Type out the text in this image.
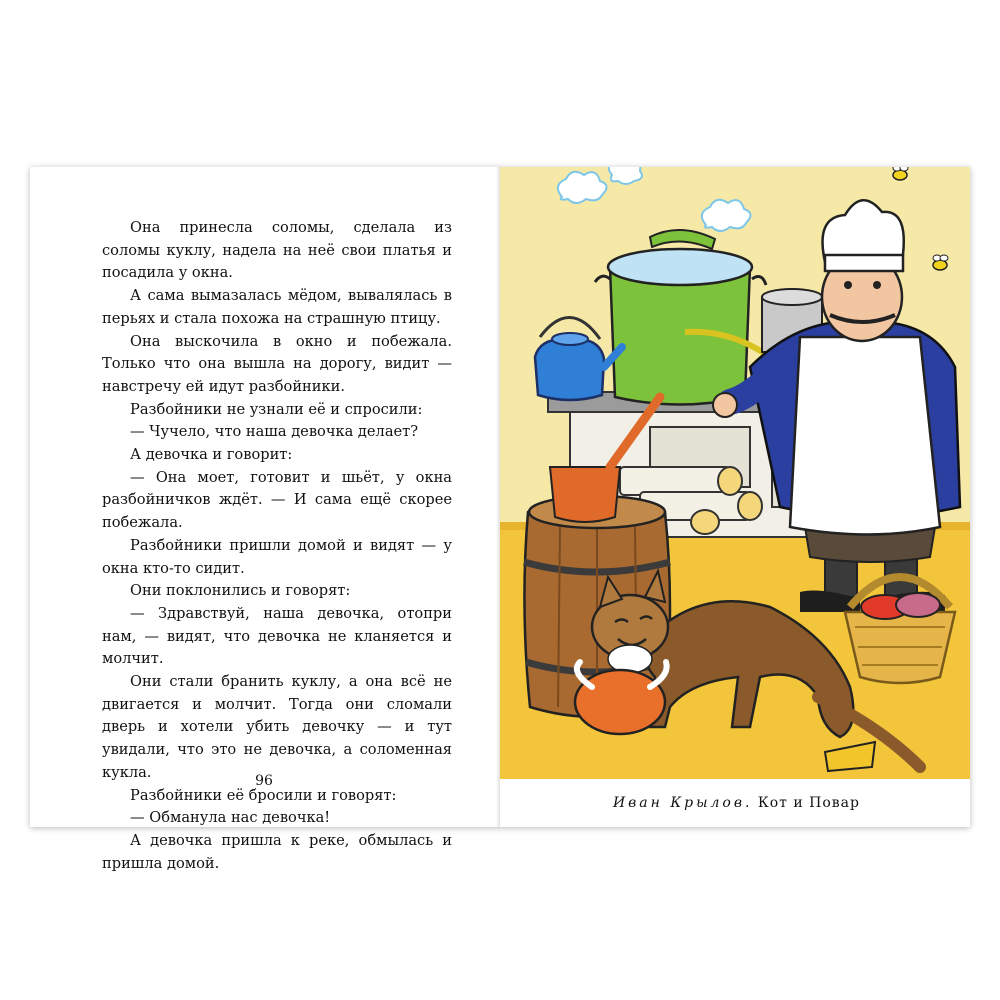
Она принесла соломы, сделала из соломы куклу, надела на неё свои платья и посадила у окна.

А сама вымазалась мёдом, вывалялась в перьях и стала похожа на страшную птицу.

Она выскочила в окно и побежала. Только что она вышла на дорогу, видит — навстречу ей идут разбойники.

Разбойники не узнали её и спросили:

— Чучело, что наша девочка делает?

А девочка и говорит:

— Она моет, готовит и шьёт, у окна разбойничков ждёт. — И сама ещё скорее побежала.

Разбойники пришли домой и видят — у окна кто-то сидит.

Они поклонились и говорят:

— Здравствуй, наша девочка, отопри нам, — видят, что девочка не кланяется и молчит.

Они стали бранить куклу, а она всё не двигается и молчит. Тогда они сломали дверь и хотели убить девочку — и тут увидали, что это не девочка, а соломенная кукла.

Разбойники её бросили и говорят:

— Обманула нас девочка!

А девочка пришла к реке, обмылась и пришла домой.

96
Иван Крылов. Кот и Повар
